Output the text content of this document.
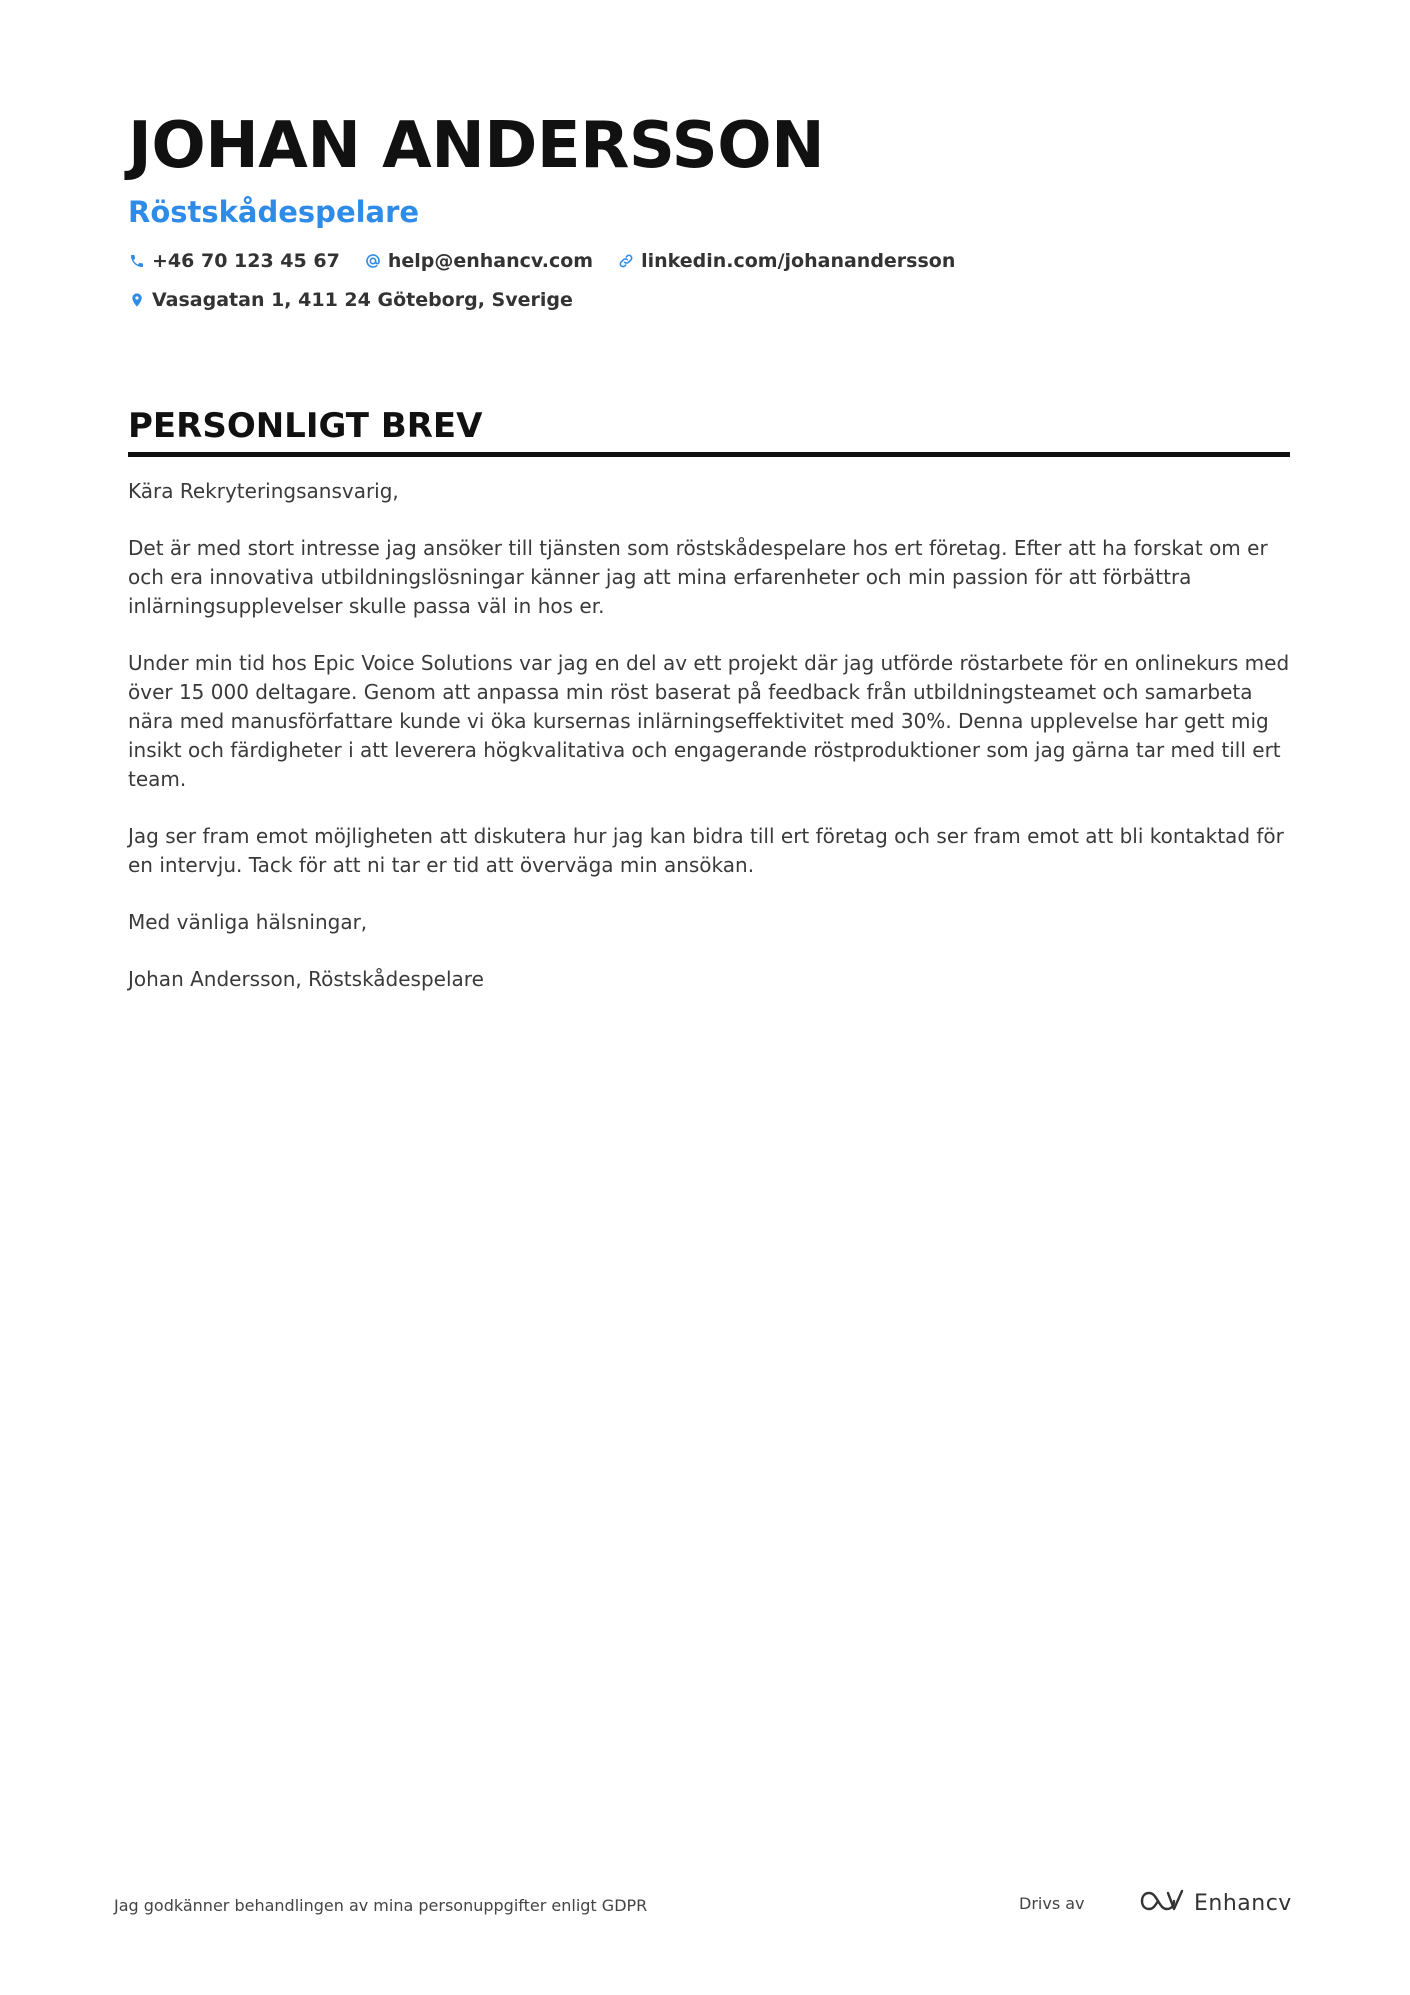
JOHAN ANDERSSON
Röstskådespelare
+46 70 123 45 67	help@enhancv.com	linkedin.com/johanandersson
Vasagatan 1, 411 24 Göteborg, Sverige
PERSONLIGT BREV

Kära Rekryteringsansvarig,

Det är med stort intresse jag ansöker till tjänsten som röstskådespelare hos ert företag. Efter att ha forskat om er och era innovativa utbildningslösningar känner jag att mina erfarenheter och min passion för att förbättra inlärningsupplevelser skulle passa väl in hos er.

Under min tid hos Epic Voice Solutions var jag en del av ett projekt där jag utförde röstarbete för en onlinekurs med över 15 000 deltagare. Genom att anpassa min röst baserat på feedback från utbildningsteamet och samarbeta nära med manusförfattare kunde vi öka kursernas inlärningseffektivitet med 30%. Denna upplevelse har gett mig insikt och färdigheter i att leverera högkvalitativa och engagerande röstproduktioner som jag gärna tar med till ert team.

Jag ser fram emot möjligheten att diskutera hur jag kan bidra till ert företag och ser fram emot att bli kontaktad för en intervju. Tack för att ni tar er tid att överväga min ansökan.

Med vänliga hälsningar,

Johan Andersson, Röstskådespelare

Jag godkänner behandlingen av mina personuppgifter enligt GDPR	Drivs av	Enhancv
